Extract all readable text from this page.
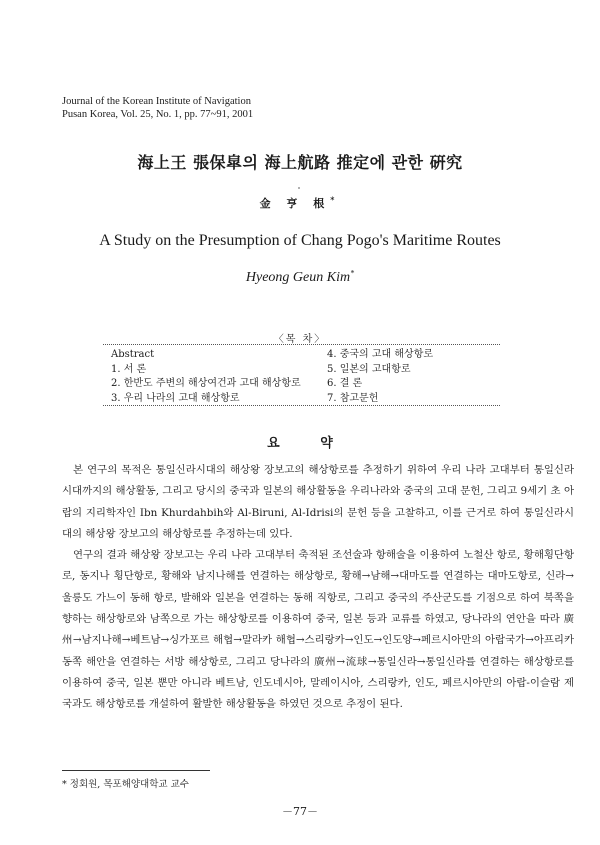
Journal of the Korean Institute of Navigation
Pusan Korea, Vol. 25, No. 1, pp. 77~91, 2001
海上王 張保皐의 海上航路 推定에 관한 硏究
金 亨 根*
A Study on the Presumption of Chang Pogo's Maritime Routes
Hyeong Geun Kim*
〈목 차〉
Abstract
1. 서 론
2. 한반도 주변의 해상여건과 고대 해상항로
3. 우리 나라의 고대 해상항로
4. 중국의 고대 해상항로
5. 일본의 고대항로
6. 결 론
7. 참고문헌
요 약

본 연구의 목적은 통일신라시대의 해상왕 장보고의 해상항로를 추정하기 위하여 우리 나라 고대부터 통일신라시대까지의 해상활동, 그리고 당시의 중국과 일본의 해상활동을 우리나라와 중국의 고대 문헌, 그리고 9세기 초 아랍의 지리학자인 Ibn Khurdahbih와 Al-Biruni, Al-Idrisi의 문헌 등을 고찰하고, 이를 근거로 하여 통일신라시대의 해상왕 장보고의 해상항로를 추정하는데 있다.

연구의 결과 해상왕 장보고는 우리 나라 고대부터 축적된 조선술과 항해술을 이용하여 노철산 항로, 황해횡단항로, 동지나 횡단항로, 황해와 남지나해를 연결하는 해상항로, 황해→남해→대마도를 연결하는 대마도항로, 신라→울릉도 가느이 동해 항로, 발해와 일본을 연결하는 동해 직항로, 그리고 중국의 주산군도를 기점으로 하여 북쪽을 향하는 해상항로와 남쪽으로 가는 해상항로를 이용하여 중국, 일본 등과 교류를 하였고, 당나라의 연안을 따라 廣州→남지나해→베트남→싱가포르 해협→말라카 해협→스리랑카→인도→인도양→페르시아만의 아랍국가→아프리카 동쪽 해안을 연결하는 서방 해상항로, 그리고 당나라의 廣州→流球→통일신라→통일신라를 연결하는 해상항로를 이용하여 중국, 일본 뿐만 아니라 베트남, 인도네시아, 말레이시아, 스리랑카, 인도, 페르시아만의 아랍-이슬람 제국과도 해상항로를 개설하여 활발한 해상활동을 하였던 것으로 추정이 된다.

* 정회원, 목포해양대학교 교수
－77－
